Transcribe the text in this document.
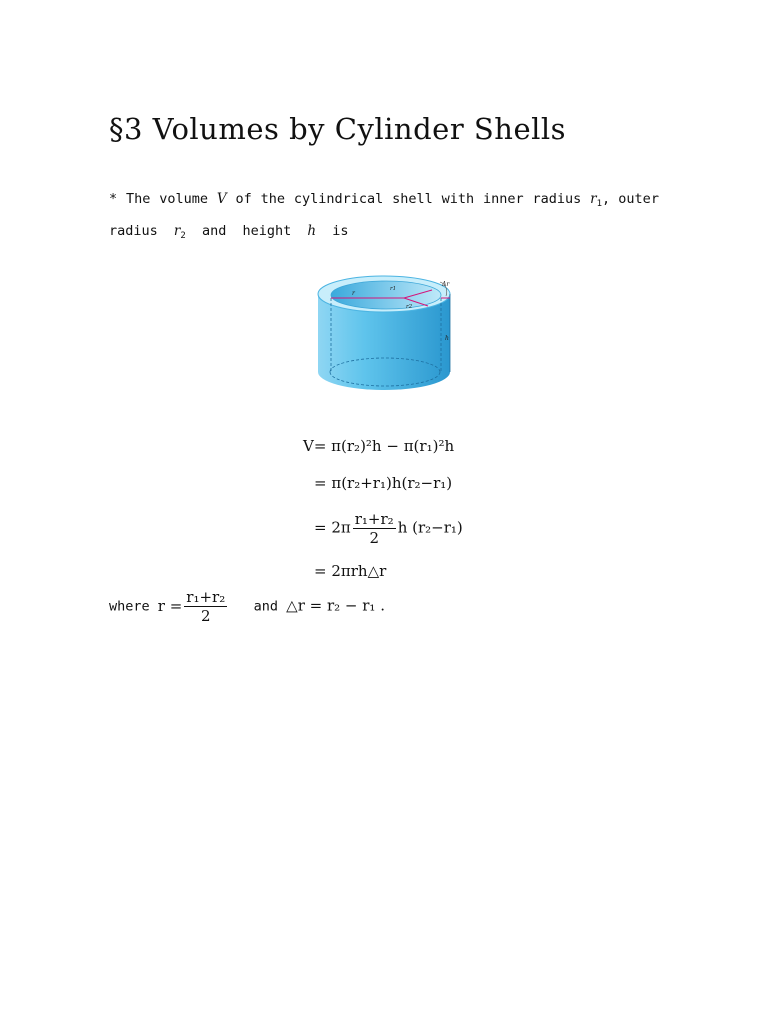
§3 Volumes by Cylinder Shells
* The volume V of the cylindrical shell with inner radius $r_1$, outer
radius $r_2$ and height h is
r
r1
r2
Δr
h
V= π(r₂)²h − π(r₁)²h
= π(r₂+r₁)h(r₂−r₁)
= $2\pi \frac{\text{r₁+r₂}}{2}$ h (r₂−r₁)
= 2πrh△r
where $r = \frac{\text{r₁+r₂}}{2}$ and △r = r₂ − r₁ .
